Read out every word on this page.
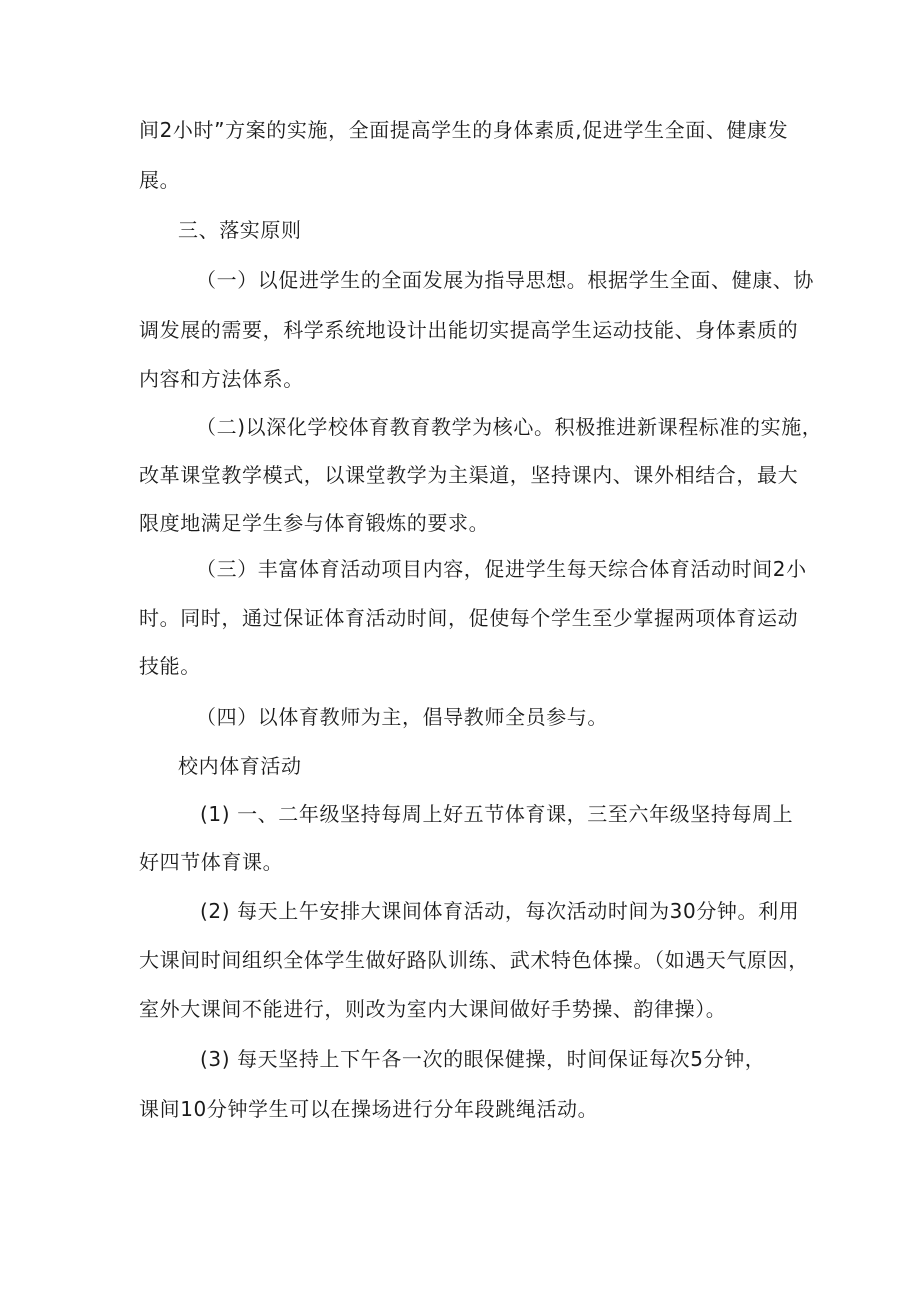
间2小时”方案的实施，全面提高学生的身体素质,促进学生全面、健康发
展。
三、落实原则
（一）以促进学生的全面发展为指导思想。根据学生全面、健康、协
调发展的需要，科学系统地设计出能切实提高学生运动技能、身体素质的
内容和方法体系。
（二)以深化学校体育教育教学为核心。积极推进新课程标准的实施，
改革课堂教学模式，以课堂教学为主渠道，坚持课内、课外相结合，最大
限度地满足学生参与体育锻炼的要求。
（三）丰富体育活动项目内容，促进学生每天综合体育活动时间2小
时。同时，通过保证体育活动时间，促使每个学生至少掌握两项体育运动
技能。
（四）以体育教师为主，倡导教师全员参与。
校内体育活动
(1) 一、二年级坚持每周上好五节体育课，三至六年级坚持每周上
好四节体育课。
(2) 每天上午安排大课间体育活动，每次活动时间为30分钟。利用
大课间时间组织全体学生做好路队训练、武术特色体操。（如遇天气原因，
室外大课间不能进行，则改为室内大课间做好手势操、韵律操）。
(3) 每天坚持上下午各一次的眼保健操，时间保证每次5分钟，
课间10分钟学生可以在操场进行分年段跳绳活动。
